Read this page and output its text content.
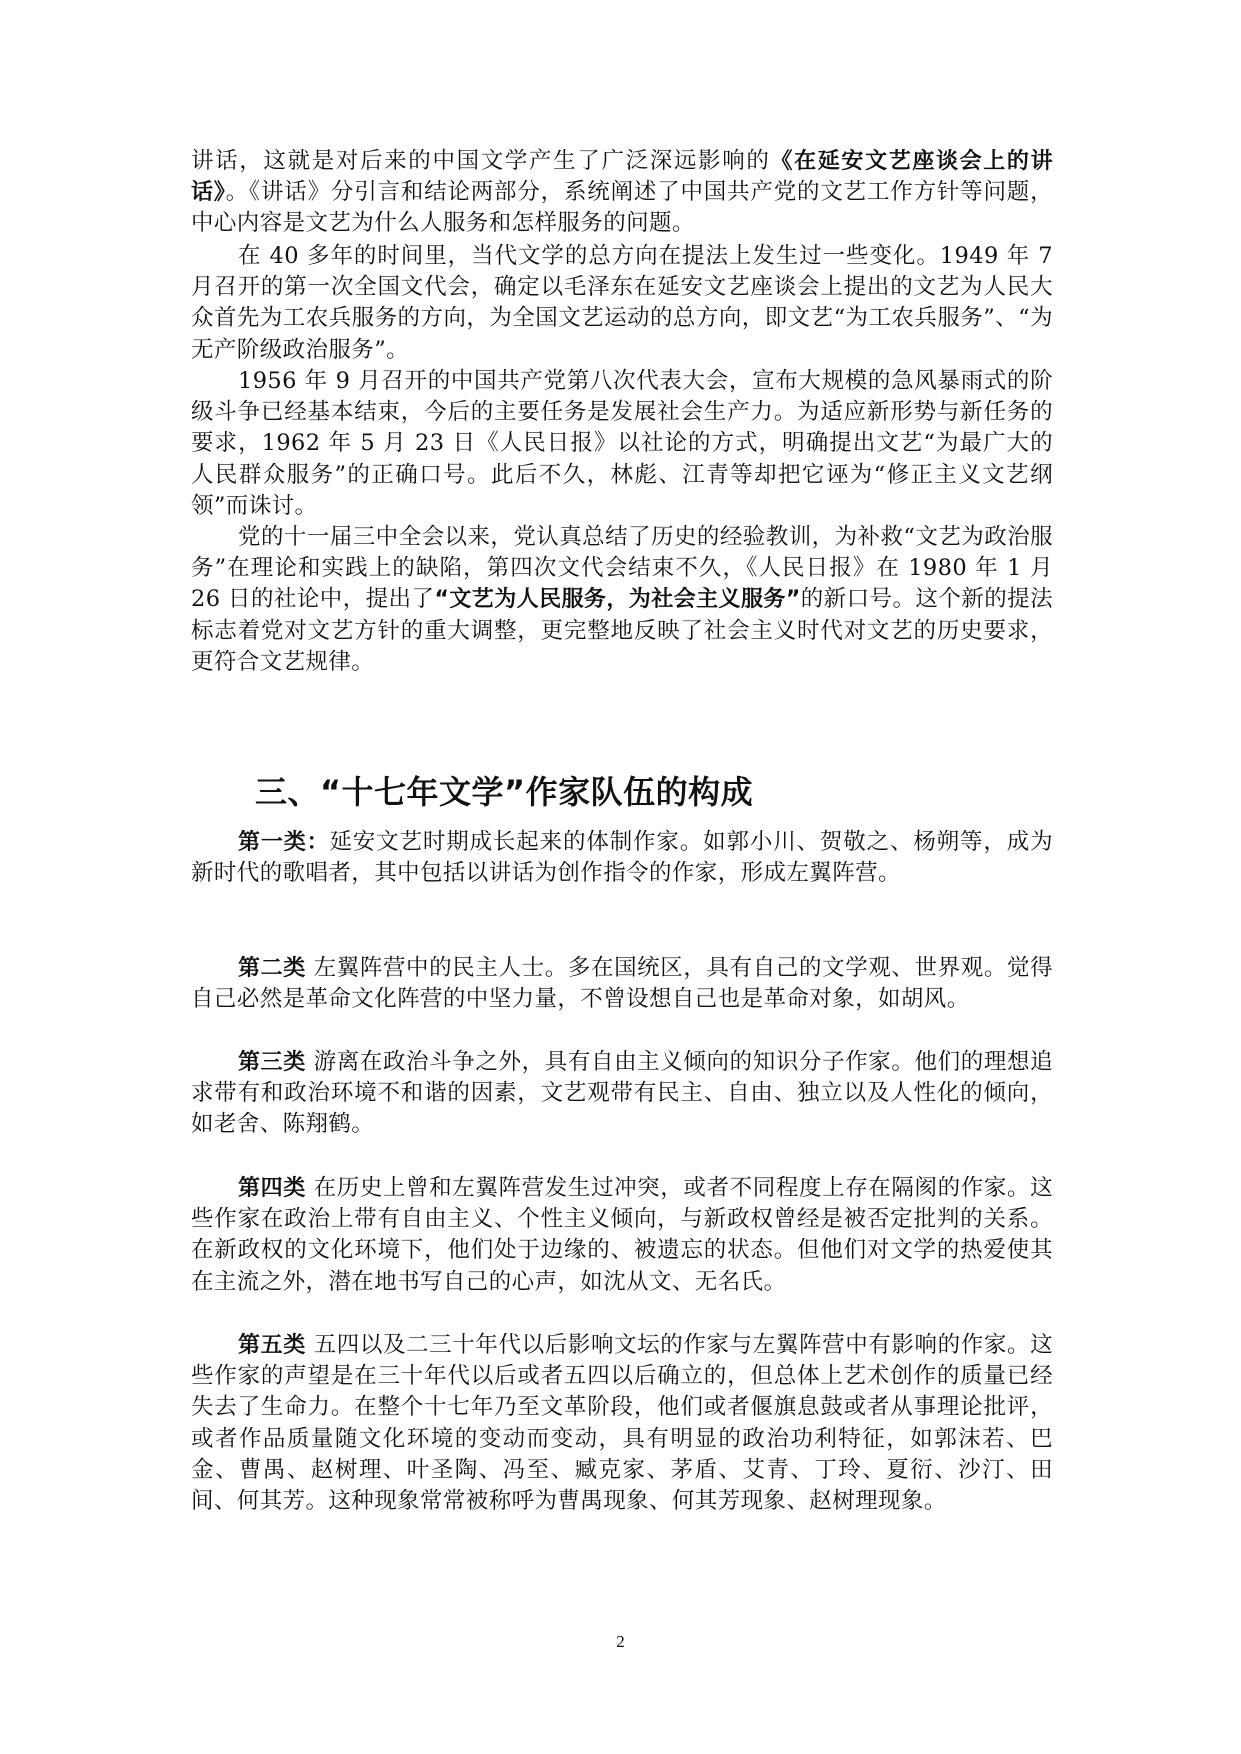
讲话，这就是对后来的中国文学产生了广泛深远影响的《在延安文艺座谈会上的讲话》。《讲话》分引言和结论两部分，系统阐述了中国共产党的文艺工作方针等问题，中心内容是文艺为什么人服务和怎样服务的问题。
在 40 多年的时间里，当代文学的总方向在提法上发生过一些变化。1949 年 7 月召开的第一次全国文代会，确定以毛泽东在延安文艺座谈会上提出的文艺为人民大众首先为工农兵服务的方向，为全国文艺运动的总方向，即文艺“为工农兵服务”、“为无产阶级政治服务”。
1956 年 9 月召开的中国共产党第八次代表大会，宣布大规模的急风暴雨式的阶级斗争已经基本结束，今后的主要任务是发展社会生产力。为适应新形势与新任务的要求，1962 年 5 月 23 日《人民日报》以社论的方式，明确提出文艺“为最广大的人民群众服务”的正确口号。此后不久，林彪、江青等却把它诬为“修正主义文艺纲领”而诛讨。
党的十一届三中全会以来，党认真总结了历史的经验教训，为补救“文艺为政治服务”在理论和实践上的缺陷，第四次文代会结束不久，《人民日报》在 1980 年 1 月 26 日的社论中，提出了“文艺为人民服务，为社会主义服务”的新口号。这个新的提法标志着党对文艺方针的重大调整，更完整地反映了社会主义时代对文艺的历史要求，更符合文艺规律。
三、“十七年文学”作家队伍的构成
第一类：延安文艺时期成长起来的体制作家。如郭小川、贺敬之、杨朔等，成为新时代的歌唱者，其中包括以讲话为创作指令的作家，形成左翼阵营。
第二类 左翼阵营中的民主人士。多在国统区，具有自己的文学观、世界观。觉得自己必然是革命文化阵营的中坚力量，不曾设想自己也是革命对象，如胡风。
第三类 游离在政治斗争之外，具有自由主义倾向的知识分子作家。他们的理想追求带有和政治环境不和谐的因素，文艺观带有民主、自由、独立以及人性化的倾向，如老舍、陈翔鹤。
第四类 在历史上曾和左翼阵营发生过冲突，或者不同程度上存在隔阂的作家。这些作家在政治上带有自由主义、个性主义倾向，与新政权曾经是被否定批判的关系。在新政权的文化环境下，他们处于边缘的、被遗忘的状态。但他们对文学的热爱使其在主流之外，潜在地书写自己的心声，如沈从文、无名氏。
第五类 五四以及二三十年代以后影响文坛的作家与左翼阵营中有影响的作家。这些作家的声望是在三十年代以后或者五四以后确立的，但总体上艺术创作的质量已经失去了生命力。在整个十七年乃至文革阶段，他们或者偃旗息鼓或者从事理论批评，或者作品质量随文化环境的变动而变动，具有明显的政治功利特征，如郭沫若、巴金、曹禺、赵树理、叶圣陶、冯至、臧克家、茅盾、艾青、丁玲、夏衍、沙汀、田间、何其芳。这种现象常常被称呼为曹禺现象、何其芳现象、赵树理现象。
2
